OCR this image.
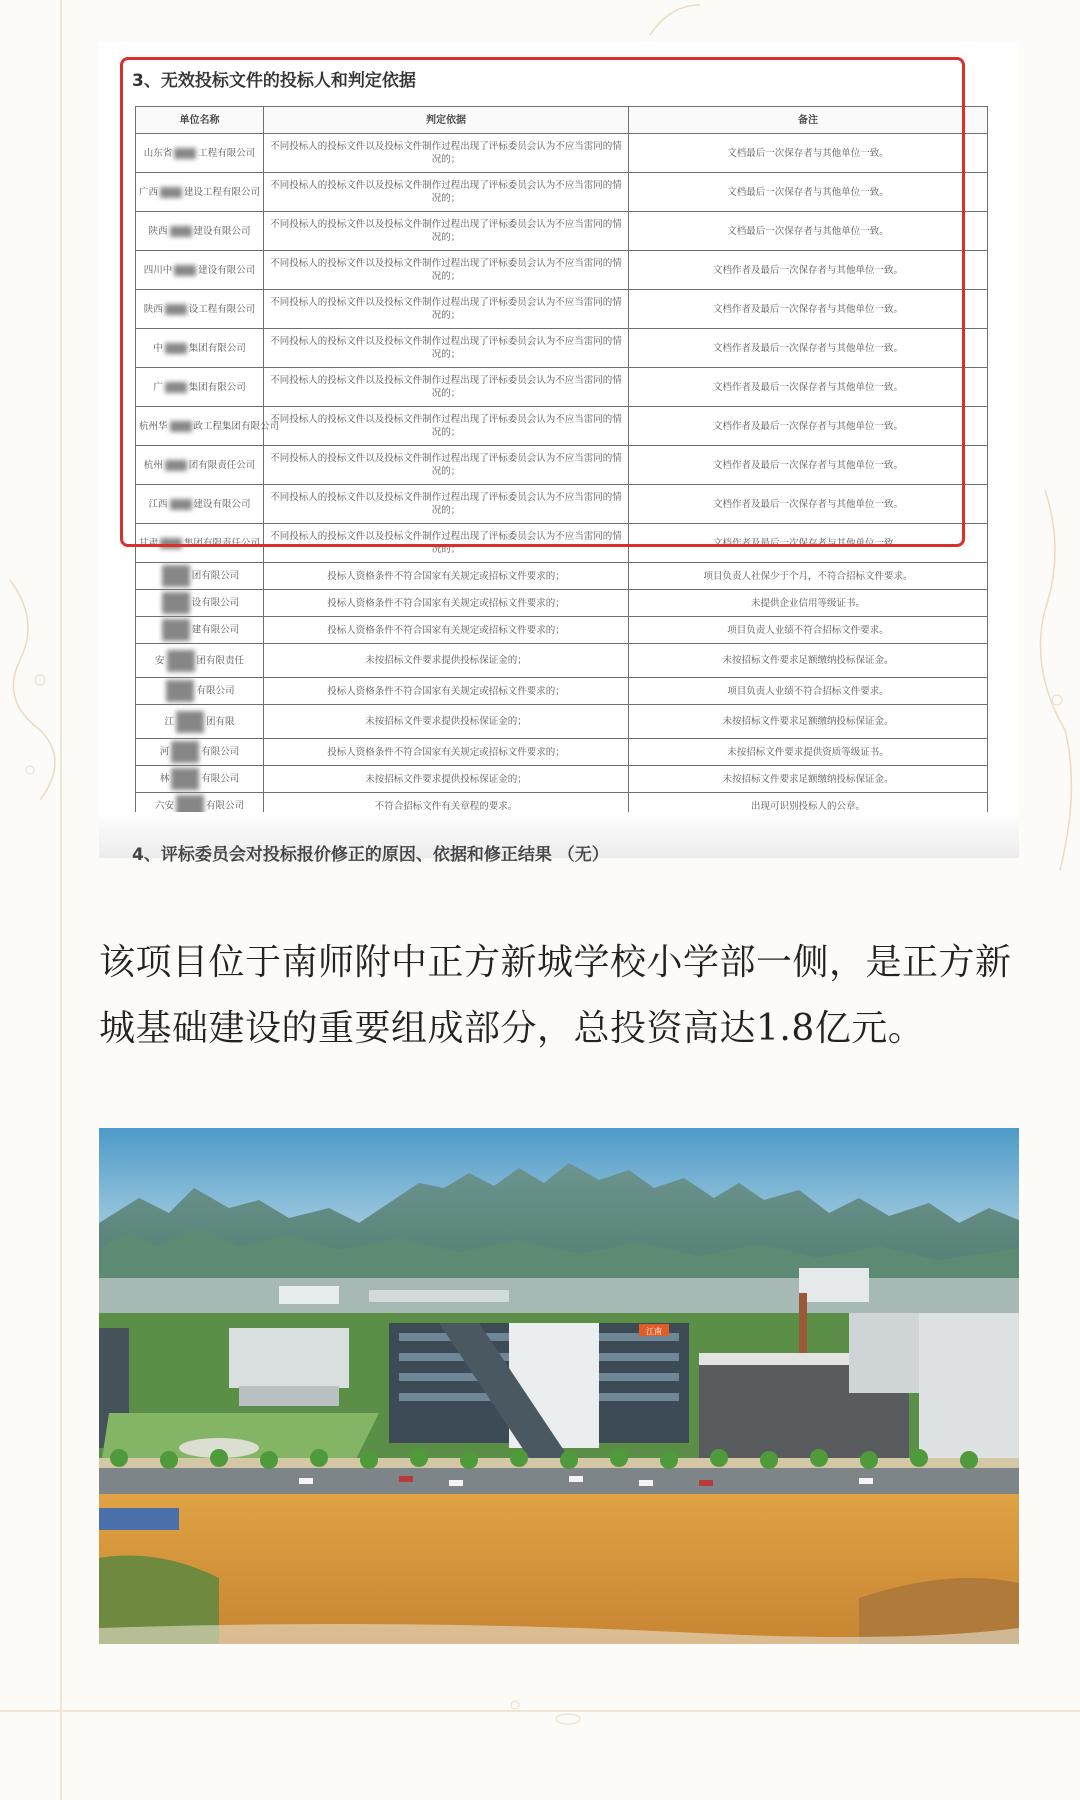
3、无效投标文件的投标人和判定依据
单位名称	判定依据	备注
山东省 工程有限公司	不同投标人的投标文件以及投标文件制作过程出现了评标委员会认为不应当雷同的情况的；	文档最后一次保存者与其他单位一致。
广西 建设工程有限公司	不同投标人的投标文件以及投标文件制作过程出现了评标委员会认为不应当雷同的情况的；	文档最后一次保存者与其他单位一致。
陕西 建设有限公司	不同投标人的投标文件以及投标文件制作过程出现了评标委员会认为不应当雷同的情况的；	文档最后一次保存者与其他单位一致。
四川中 建设有限公司	不同投标人的投标文件以及投标文件制作过程出现了评标委员会认为不应当雷同的情况的；	文档作者及最后一次保存者与其他单位一致。
陕西 设工程有限公司	不同投标人的投标文件以及投标文件制作过程出现了评标委员会认为不应当雷同的情况的；	文档作者及最后一次保存者与其他单位一致。
中 集团有限公司	不同投标人的投标文件以及投标文件制作过程出现了评标委员会认为不应当雷同的情况的；	文档作者及最后一次保存者与其他单位一致。
广 集团有限公司	不同投标人的投标文件以及投标文件制作过程出现了评标委员会认为不应当雷同的情况的；	文档作者及最后一次保存者与其他单位一致。
杭州华 政工程集团有限公司	不同投标人的投标文件以及投标文件制作过程出现了评标委员会认为不应当雷同的情况的；	文档作者及最后一次保存者与其他单位一致。
杭州 团有限责任公司	不同投标人的投标文件以及投标文件制作过程出现了评标委员会认为不应当雷同的情况的；	文档作者及最后一次保存者与其他单位一致。
江西 建设有限公司	不同投标人的投标文件以及投标文件制作过程出现了评标委员会认为不应当雷同的情况的；	文档作者及最后一次保存者与其他单位一致。
甘肃 集团有限责任公司	不同投标人的投标文件以及投标文件制作过程出现了评标委员会认为不应当雷同的情况的；	文档作者及最后一次保存者与其他单位一致。
团有限公司	投标人资格条件不符合国家有关规定或招标文件要求的；	项目负责人社保少于个月，不符合招标文件要求。
设有限公司	投标人资格条件不符合国家有关规定或招标文件要求的；	未提供企业信用等级证书。
建有限公司	投标人资格条件不符合国家有关规定或招标文件要求的；	项目负责人业绩不符合招标文件要求。
安 团有限责任	未按招标文件要求提供投标保证金的；	未按招标文件要求足额缴纳投标保证金。
有限公司	投标人资格条件不符合国家有关规定或招标文件要求的；	项目负责人业绩不符合招标文件要求。
江 团有限	未按招标文件要求提供投标保证金的；	未按招标文件要求足额缴纳投标保证金。
河 有限公司	投标人资格条件不符合国家有关规定或招标文件要求的；	未按招标文件要求提供资质等级证书。
林 有限公司	未按招标文件要求提供投标保证金的；	未按招标文件要求足额缴纳投标保证金。
六安 有限公司	不符合招标文件有关章程的要求。	出现可识别投标人的公章。
4、评标委员会对投标报价修正的原因、依据和修正结果 （无）
该项目位于南师附中正方新城学校小学部一侧，是正方新城基础建设的重要组成部分，总投资高达1.8亿元。
江南
